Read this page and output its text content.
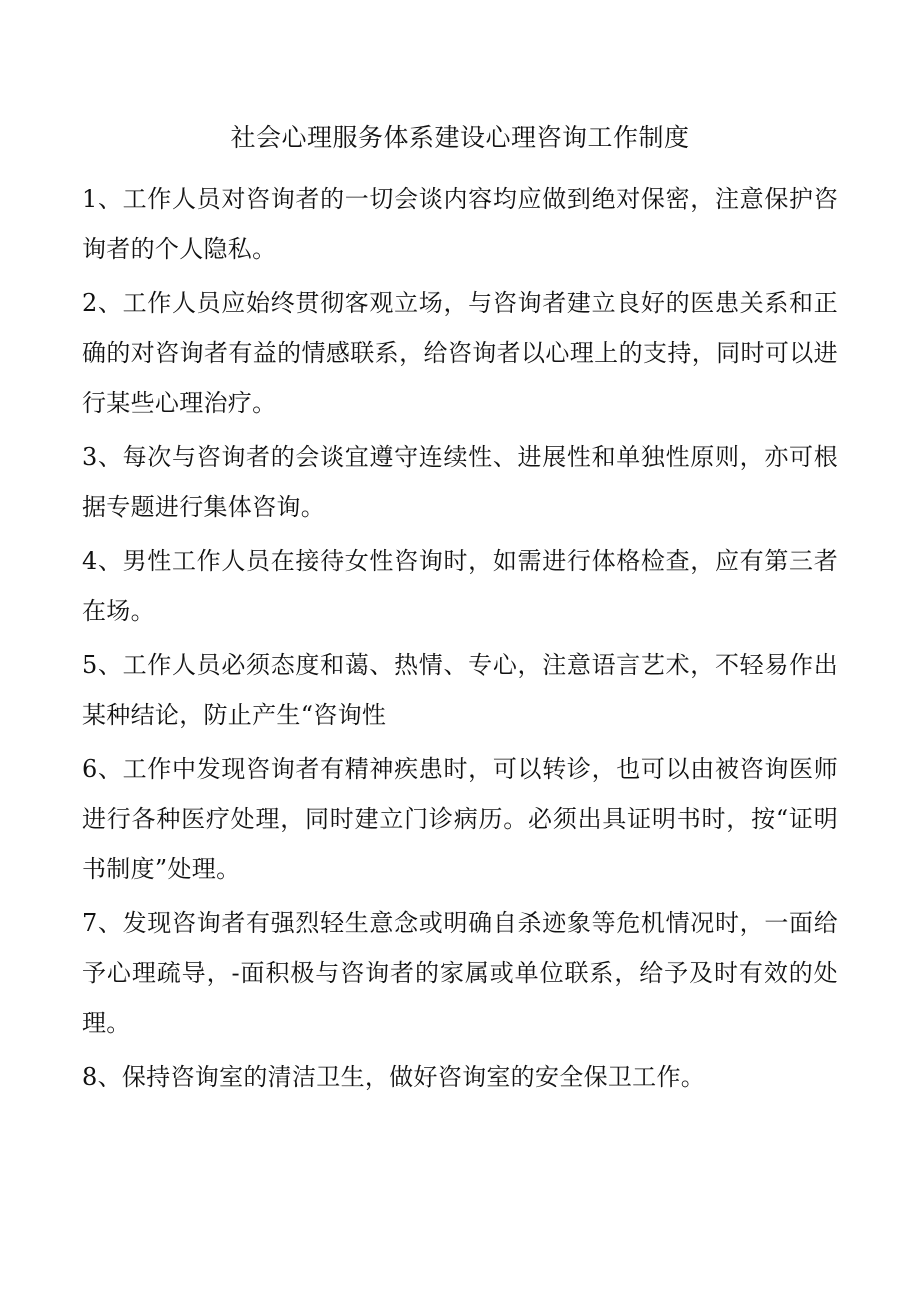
社会心理服务体系建设心理咨询工作制度
1、工作人员对咨询者的一切会谈内容均应做到绝对保密，注意保护咨询者的个人隐私。
2、工作人员应始终贯彻客观立场，与咨询者建立良好的医患关系和正确的对咨询者有益的情感联系，给咨询者以心理上的支持，同时可以进行某些心理治疗。
3、每次与咨询者的会谈宜遵守连续性、进展性和单独性原则，亦可根据专题进行集体咨询。
4、男性工作人员在接待女性咨询时，如需进行体格检查，应有第三者在场。
5、工作人员必须态度和蔼、热情、专心，注意语言艺术，不轻易作出某种结论，防止产生“咨询性
6、工作中发现咨询者有精神疾患时，可以转诊，也可以由被咨询医师进行各种医疗处理，同时建立门诊病历。必须出具证明书时，按“证明书制度”处理。
7、发现咨询者有强烈轻生意念或明确自杀迹象等危机情况时，一面给予心理疏导，-面积极与咨询者的家属或单位联系，给予及时有效的处理。
8、保持咨询室的清洁卫生，做好咨询室的安全保卫工作。
